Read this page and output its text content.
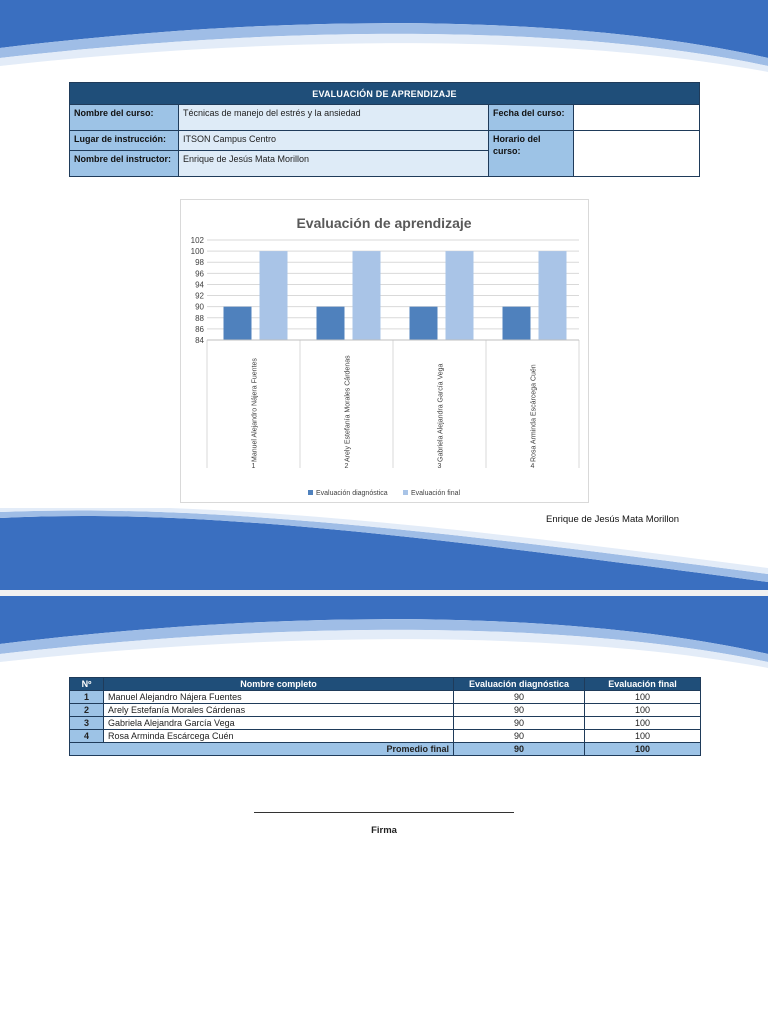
EVALUACIÓN DE APRENDIZAJE			
Nombre del curso:	Técnicas de manejo del estrés y la ansiedad	Fecha del curso:	
Lugar de instrucción:	ITSON Campus Centro	Horario del curso:	
Nombre del instructor:	Enrique de Jesús Mata Morillon		
Evaluación de aprendizaje
84
86
88
90
92
94
96
98
100
102
Manuel Alejandro Nájera Fuentes
1
Arely Estefanía Morales Cárdenas
2
Gabriela Alejandra García Vega
3
Rosa Arminda Escárcega Cuén
4
Evaluación diagnóstica	Evaluación final
Enrique de Jesús Mata Morillon
Nº	Nombre completo	Evaluación diagnóstica	Evaluación final
1	Manuel Alejandro Nájera Fuentes	90	100
2	Arely Estefanía Morales Cárdenas	90	100
3	Gabriela Alejandra García Vega	90	100
4	Rosa Arminda Escárcega Cuén	90	100
Promedio final		90	100
Firma
